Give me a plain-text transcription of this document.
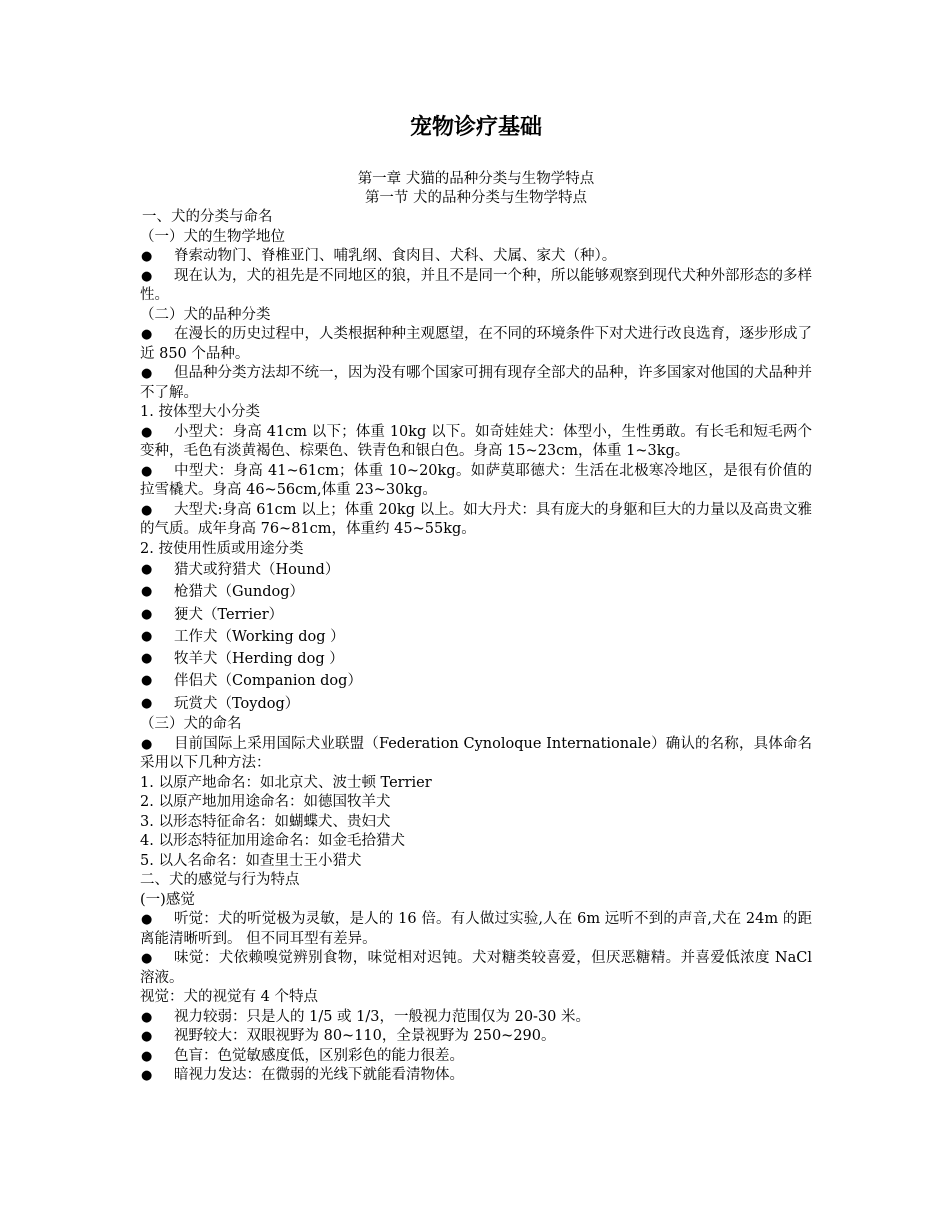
宠物诊疗基础
第一章 犬猫的品种分类与生物学特点
第一节 犬的品种分类与生物学特点
一、犬的分类与命名
（一）犬的生物学地位
● 脊索动物门、脊椎亚门、哺乳纲、食肉目、犬科、犬属、家犬（种）。
● 现在认为，犬的祖先是不同地区的狼，并且不是同一个种，所以能够观察到现代犬种外部形态的多样性。
（二）犬的品种分类
● 在漫长的历史过程中，人类根据种种主观愿望，在不同的环境条件下对犬进行改良选育，逐步形成了近 850 个品种。
● 但品种分类方法却不统一，因为没有哪个国家可拥有现存全部犬的品种，许多国家对他国的犬品种并不了解。
1. 按体型大小分类
● 小型犬：身高 41cm 以下；体重 10kg 以下。如奇娃娃犬：体型小，生性勇敢。有长毛和短毛两个变种，毛色有淡黄褐色、棕栗色、铁青色和银白色。身高 15~23cm，体重 1~3kg。
● 中型犬：身高 41~61cm；体重 10~20kg。如萨莫耶德犬：生活在北极寒冷地区，是很有价值的拉雪橇犬。身高 46~56cm,体重 23~30kg。
● 大型犬:身高 61cm 以上；体重 20kg 以上。如大丹犬：具有庞大的身躯和巨大的力量以及高贵文雅的气质。成年身高 76~81cm，体重约 45~55kg。
2. 按使用性质或用途分类
● 猎犬或狩猎犬（Hound）
● 枪猎犬（Gundog）
● 㹴犬（Terrier）
● 工作犬（Working dog ）
● 牧羊犬（Herding dog ）
● 伴侣犬（Companion dog）
● 玩赏犬（Toydog）
（三）犬的命名
● 目前国际上采用国际犬业联盟（Federation Cynoloque Internationale）确认的名称，具体命名采用以下几种方法：
1. 以原产地命名：如北京犬、波士顿 Terrier
2. 以原产地加用途命名：如德国牧羊犬
3. 以形态特征命名：如蝴蝶犬、贵妇犬
4. 以形态特征加用途命名：如金毛拾猎犬
5. 以人名命名：如查里士王小猎犬
二、犬的感觉与行为特点
(一)感觉
● 听觉：犬的听觉极为灵敏，是人的 16 倍。有人做过实验,人在 6m 远听不到的声音,犬在 24m 的距离能清晰听到。 但不同耳型有差异。
● 味觉：犬依赖嗅觉辨别食物，味觉相对迟钝。犬对糖类较喜爱，但厌恶糖精。并喜爱低浓度 NaCl 溶液。
视觉：犬的视觉有 4 个特点
● 视力较弱：只是人的 1/5 或 1/3，一般视力范围仅为 20-30 米。
● 视野较大：双眼视野为 80~110，全景视野为 250~290。
● 色盲：色觉敏感度低，区别彩色的能力很差。
● 暗视力发达：在微弱的光线下就能看清物体。
